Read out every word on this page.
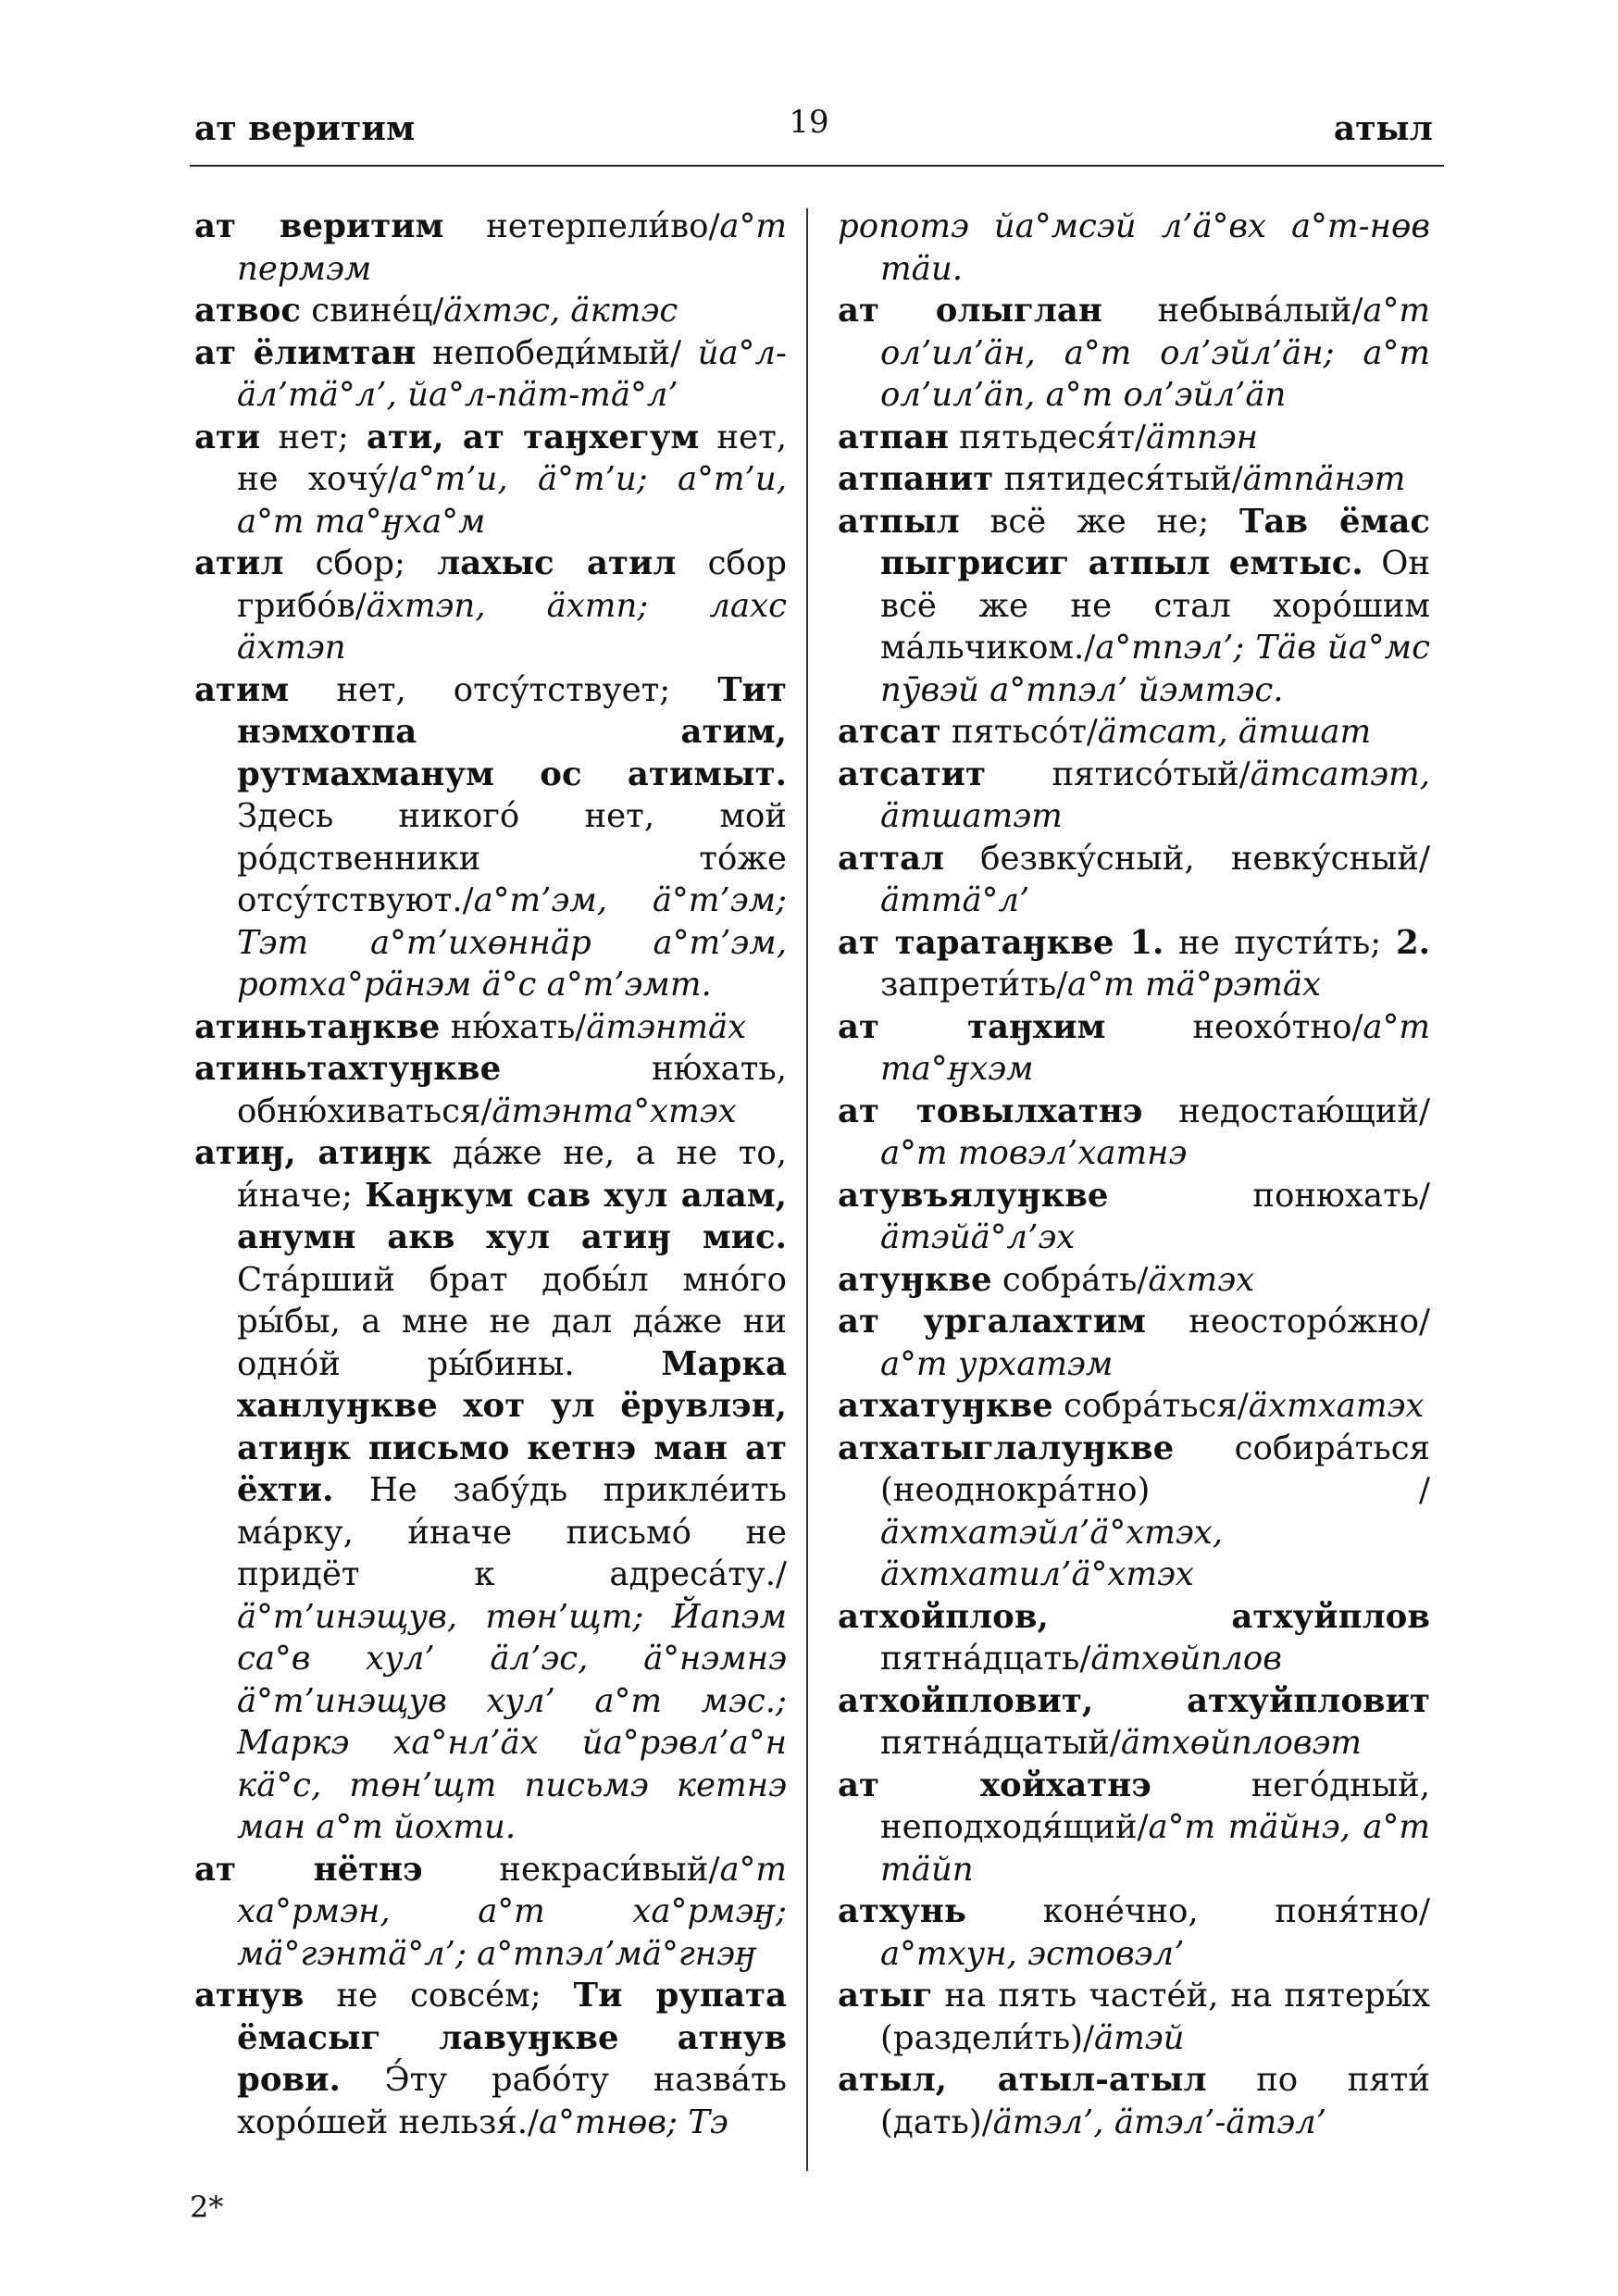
ат веритим	19	атыл

ат веритим нетерпели́во/а°т пермэм

атвос свине́ц/ӓхтэс, ӓктэс

ат ёлимтан непобеди́мый/ йа°л-ӓл’тӓ°л’, йа°л-пӓт-тӓ°л’

ати нет; ати, ат таӈхегум нет, не хочу́/а°т’и, ӓ°т’и; а°т’и, а°т та°ӈха°м

атил сбор; лахыс атил сбор грибо́в/ӓхтэп, ӓхтп; лахс ӓхтэп

атим нет, отсу́тствует; Тит нэмхотпа атим, рутмахманум ос атимыт. Здесь никого́ нет, мой ро́дственники то́же отсу́тствуют./а°т’эм, ӓ°т’эм; Тэт а°т’ихөннӓр а°т’эм, ротха°рӓнэм ӓ°с а°т’эмт.

атиньтаӈкве ню́хать/ӓтэнтӓх

атиньтахтуӈкве ню́хать, обню́хиваться/ӓтэнта°хтэх

атиӈ, атиӈк да́же не, а не то, и́наче; Каӈкум сав хул алам, анумн акв хул атиӈ мис. Ста́рший брат добы́л мно́го ры́бы, а мне не дал да́же ни одно́й ры́бины. Марка ханлуӈкве хот ул ёрувлэн, атиӈк письмо кетнэ ман ат ёхти. Не забу́дь прикле́ить ма́рку, и́наче письмо́ не придёт к адреса́ту./ӓ°т’инэщув, төн’щт; Йапэм са°в хул’ ӓл’эс, ӓ°нэмнэ ӓ°т’инэщув хул’ а°т мэс.; Маркэ ха°нл’ӓх йа°рэвл’а°н кӓ°с, төн’щт письмэ кетнэ ман а°т йохти.

ат нётнэ некраси́вый/а°т ха°рмэн, а°т ха°рмэӈ; мӓ°гэнтӓ°л’; а°тпэл’мӓ°гнэӈ

атнув не совсе́м; Ти рупата ёмасыг лавуӈкве атнув рови. Э́ту рабо́ту назва́ть хоро́шей нельзя́./а°тнөв; Тэ

ропотэ йа°мсэй л’ӓ°вх а°т-нөв тӓи.

ат олыглан небыва́лый/а°т ол’ил’ӓн, а°т ол’эйл’ӓн; а°т ол’ил’ӓп, а°т ол’эйл’ӓп

атпан пятьдеся́т/ӓтпэн

атпанит пятидеся́тый/ӓтпӓнэт

атпыл всё же не; Тав ёмас пыгрисиг атпыл емтыс. Он всё же не стал хоро́шим ма́льчиком./а°тпэл’; Тӓв йа°мс пӯвэй а°тпэл’ йэмтэс.

атсат пятьсо́т/ӓтсат, ӓтшат

атсатит пятисо́тый/ӓтсатэт, ӓтшатэт

аттал безвку́сный, невку́сный/ӓттӓ°л’

ат таратаӈкве 1. не пусти́ть; 2. запрети́ть/а°т тӓ°рэтӓх

ат таӈхим неохо́тно/а°т та°ӈхэм

ат товылхатнэ недостаю́щий/ а°т товэл’хатнэ

атувъялуӈкве понюхать/ӓтэйӓ°л’эх

атуӈкве собра́ть/ӓхтэх

ат ургалахтим неосторо́жно/ а°т урхатэм

атхатуӈкве собра́ться/ӓхтхатэх

атхатыглалуӈкве собира́ться (неоднокра́тно) / ӓхтхатэйл’ӓ°хтэх, ӓхтхатил’ӓ°хтэх

атхойплов, атхуйплов пятна́дцать/ӓтхөйплов

атхойпловит, атхуйпловит пятна́дцатый/ӓтхөйпловэт

ат хойхатнэ него́дный, неподходя́щий/а°т тӓйнэ, а°т тӓйп

атхунь коне́чно, поня́тно/ а°тхун, эстовэл’

атыг на пять часте́й, на пятеры́х (раздели́ть)/ӓтэй

атыл, атыл-атыл по пяти́ (дать)/ӓтэл’, ӓтэл’-ӓтэл’

2*
